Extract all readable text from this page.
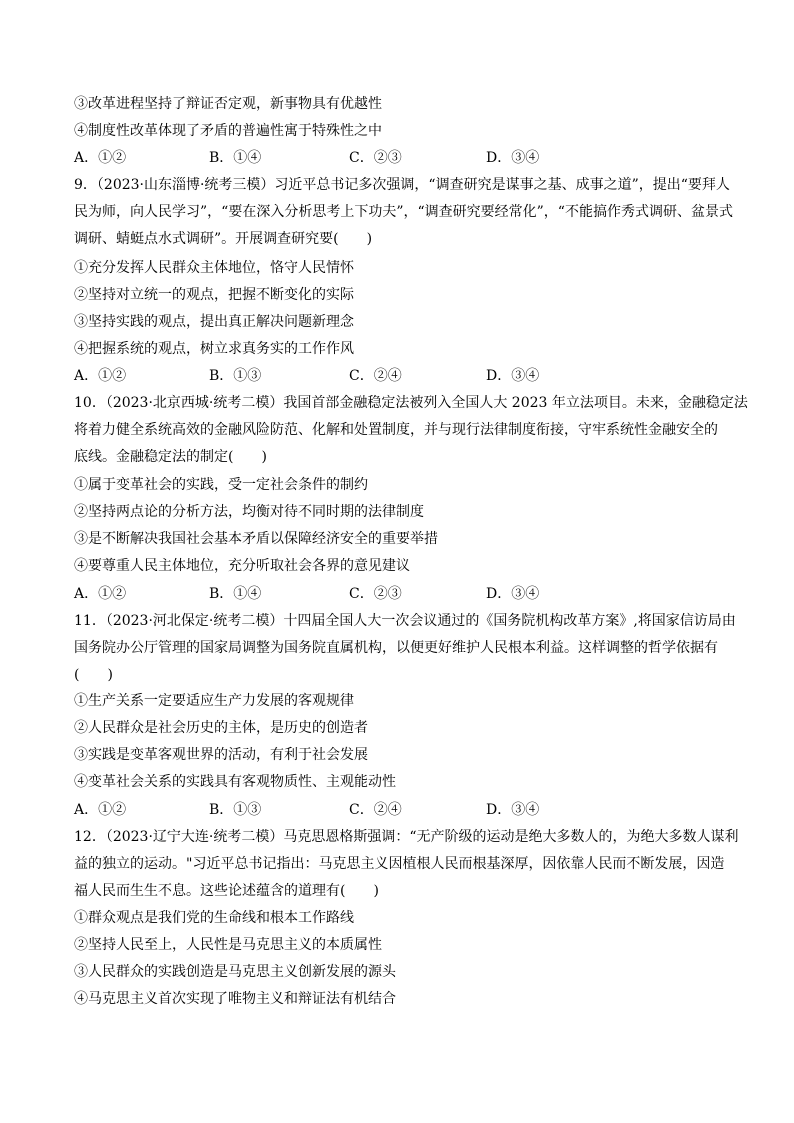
③改革进程坚持了辩证否定观，新事物具有优越性
④制度性改革体现了矛盾的普遍性寓于特殊性之中
A．①②	B．①④	C．②③	D．③④
9．（2023·山东淄博·统考三模）习近平总书记多次强调，“调查研究是谋事之基、成事之道”，提出“要拜人
民为师，向人民学习”，“要在深入分析思考上下功夫”，“调查研究要经常化”，“不能搞作秀式调研、盆景式
调研、蜻蜓点水式调研”。开展调查研究要(　　)
①充分发挥人民群众主体地位，恪守人民情怀
②坚持对立统一的观点，把握不断变化的实际
③坚持实践的观点，提出真正解决问题新理念
④把握系统的观点，树立求真务实的工作作风
A．①②	B．①③	C．②④	D．③④
10．（2023·北京西城·统考二模）我国首部金融稳定法被列入全国人大 2023 年立法项目。未来，金融稳定法
将着力健全系统高效的金融风险防范、化解和处置制度，并与现行法律制度衔接，守牢系统性金融安全的
底线。金融稳定法的制定(　　)
①属于变革社会的实践，受一定社会条件的制约
②坚持两点论的分析方法，均衡对待不同时期的法律制度
③是不断解决我国社会基本矛盾以保障经济安全的重要举措
④要尊重人民主体地位，充分听取社会各界的意见建议
A．①②	B．①④	C．②③	D．③④
11．（2023·河北保定·统考二模）十四届全国人大一次会议通过的《国务院机构改革方案》,将国家信访局由
国务院办公厅管理的国家局调整为国务院直属机构，以便更好维护人民根本利益。这样调整的哲学依据有
(　　)
①生产关系一定要适应生产力发展的客观规律
②人民群众是社会历史的主体，是历史的创造者
③实践是变革客观世界的活动，有利于社会发展
④变革社会关系的实践具有客观物质性、主观能动性
A．①②	B．①③	C．②④	D．③④
12．（2023·辽宁大连·统考二模）马克思恩格斯强调：“无产阶级的运动是绝大多数人的，为绝大多数人谋利
益的独立的运动。"习近平总书记指出：马克思主义因植根人民而根基深厚，因依靠人民而不断发展，因造
福人民而生生不息。这些论述蕴含的道理有(　　)
①群众观点是我们党的生命线和根本工作路线
②坚持人民至上，人民性是马克思主义的本质属性
③人民群众的实践创造是马克思主义创新发展的源头
④马克思主义首次实现了唯物主义和辩证法有机结合
